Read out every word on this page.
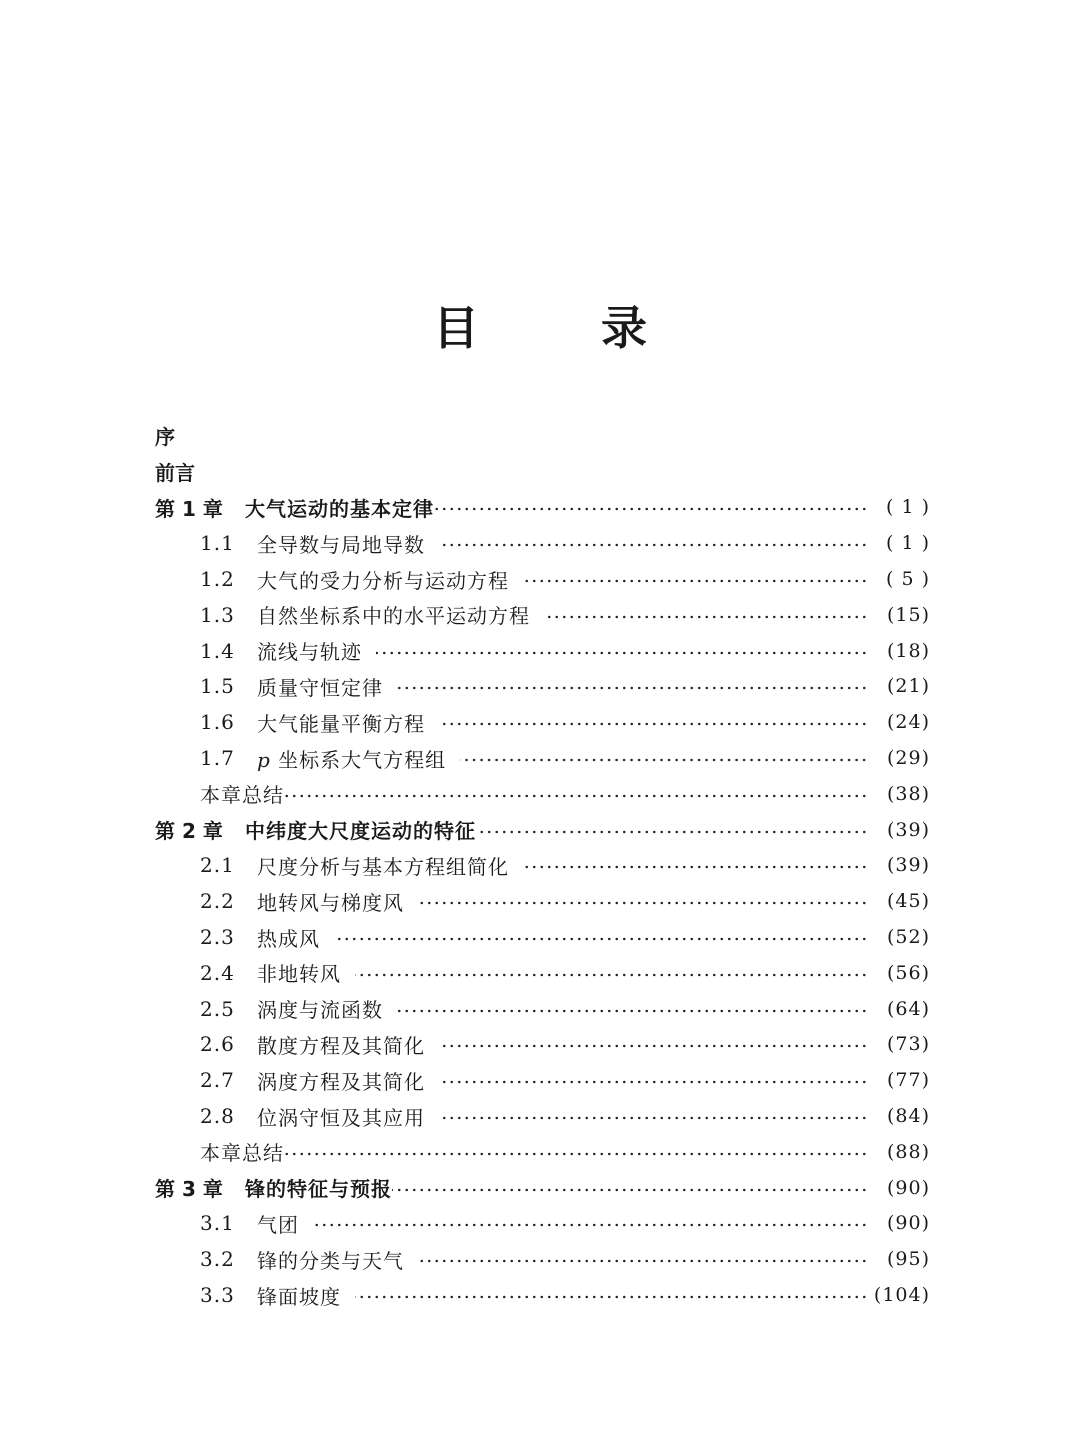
目　录
序
前言
第 1 章	大气运动的基本定律	( 1 )
1.1	全导数与局地导数	( 1 )
1.2	大气的受力分析与运动方程	( 5 )
1.3	自然坐标系中的水平运动方程	(15)
1.4	流线与轨迹	(18)
1.5	质量守恒定律	(21)
1.6	大气能量平衡方程	(24)
1.7	p 坐标系大气方程组	(29)
本章总结	(38)
第 2 章	中纬度大尺度运动的特征	(39)
2.1	尺度分析与基本方程组简化	(39)
2.2	地转风与梯度风	(45)
2.3	热成风	(52)
2.4	非地转风	(56)
2.5	涡度与流函数	(64)
2.6	散度方程及其简化	(73)
2.7	涡度方程及其简化	(77)
2.8	位涡守恒及其应用	(84)
本章总结	(88)
第 3 章	锋的特征与预报	(90)
3.1	气团	(90)
3.2	锋的分类与天气	(95)
3.3	锋面坡度	(104)
